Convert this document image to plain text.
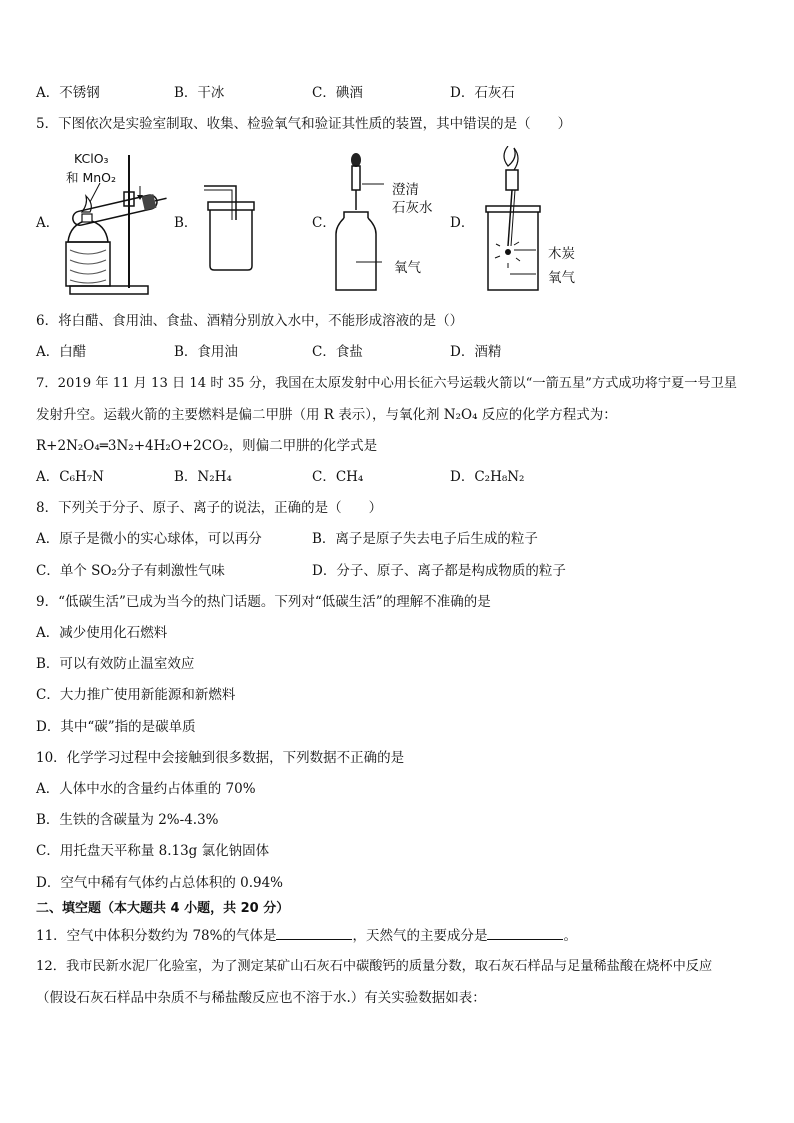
A．不锈钢	B．干冰	C．碘酒	D．石灰石
5．下图依次是实验室制取、收集、检验氧气和验证其性质的装置，其中错误的是（　　）
A．	B．	C．	D．
KClO₃
和 MnO₂
澄清
石灰水
氧气
木炭
氧气
6．将白醋、食用油、食盐、酒精分别放入水中，不能形成溶液的是（）
A．白醋	B．食用油	C．食盐	D．酒精
7．2019 年 11 月 13 日 14 时 35 分，我国在太原发射中心用长征六号运载火箭以“一箭五星”方式成功将宁夏一号卫星
发射升空。运载火箭的主要燃料是偏二甲肼（用 R 表示），与氧化剂 N₂O₄ 反应的化学方程式为：
R+2N₂O₄═3N₂+4H₂O+2CO₂，则偏二甲肼的化学式是
A．C₆H₇N	B．N₂H₄	C．CH₄	D．C₂H₈N₂
8．下列关于分子、原子、离子的说法，正确的是（　　）
A．原子是微小的实心球体，可以再分	B．离子是原子失去电子后生成的粒子
C．单个 SO₂分子有刺激性气味	D．分子、原子、离子都是构成物质的粒子
9．“低碳生活”已成为当今的热门话题。下列对“低碳生活”的理解不准确的是
A．减少使用化石燃料
B．可以有效防止温室效应
C．大力推广使用新能源和新燃料
D．其中“碳”指的是碳单质
10．化学学习过程中会接触到很多数据，下列数据不正确的是
A．人体中水的含量约占体重的 70%
B．生铁的含碳量为 2%-4.3%
C．用托盘天平称量 8.13g 氯化钠固体
D．空气中稀有气体约占总体积的 0.94%
二、填空题（本大题共 4 小题，共 20 分）
11．空气中体积分数约为 78%的气体是	，天然气的主要成分是	。
12．我市民新水泥厂化验室，为了测定某矿山石灰石中碳酸钙的质量分数，取石灰石样品与足量稀盐酸在烧杯中反应
（假设石灰石样品中杂质不与稀盐酸反应也不溶于水.）有关实验数据如表：
